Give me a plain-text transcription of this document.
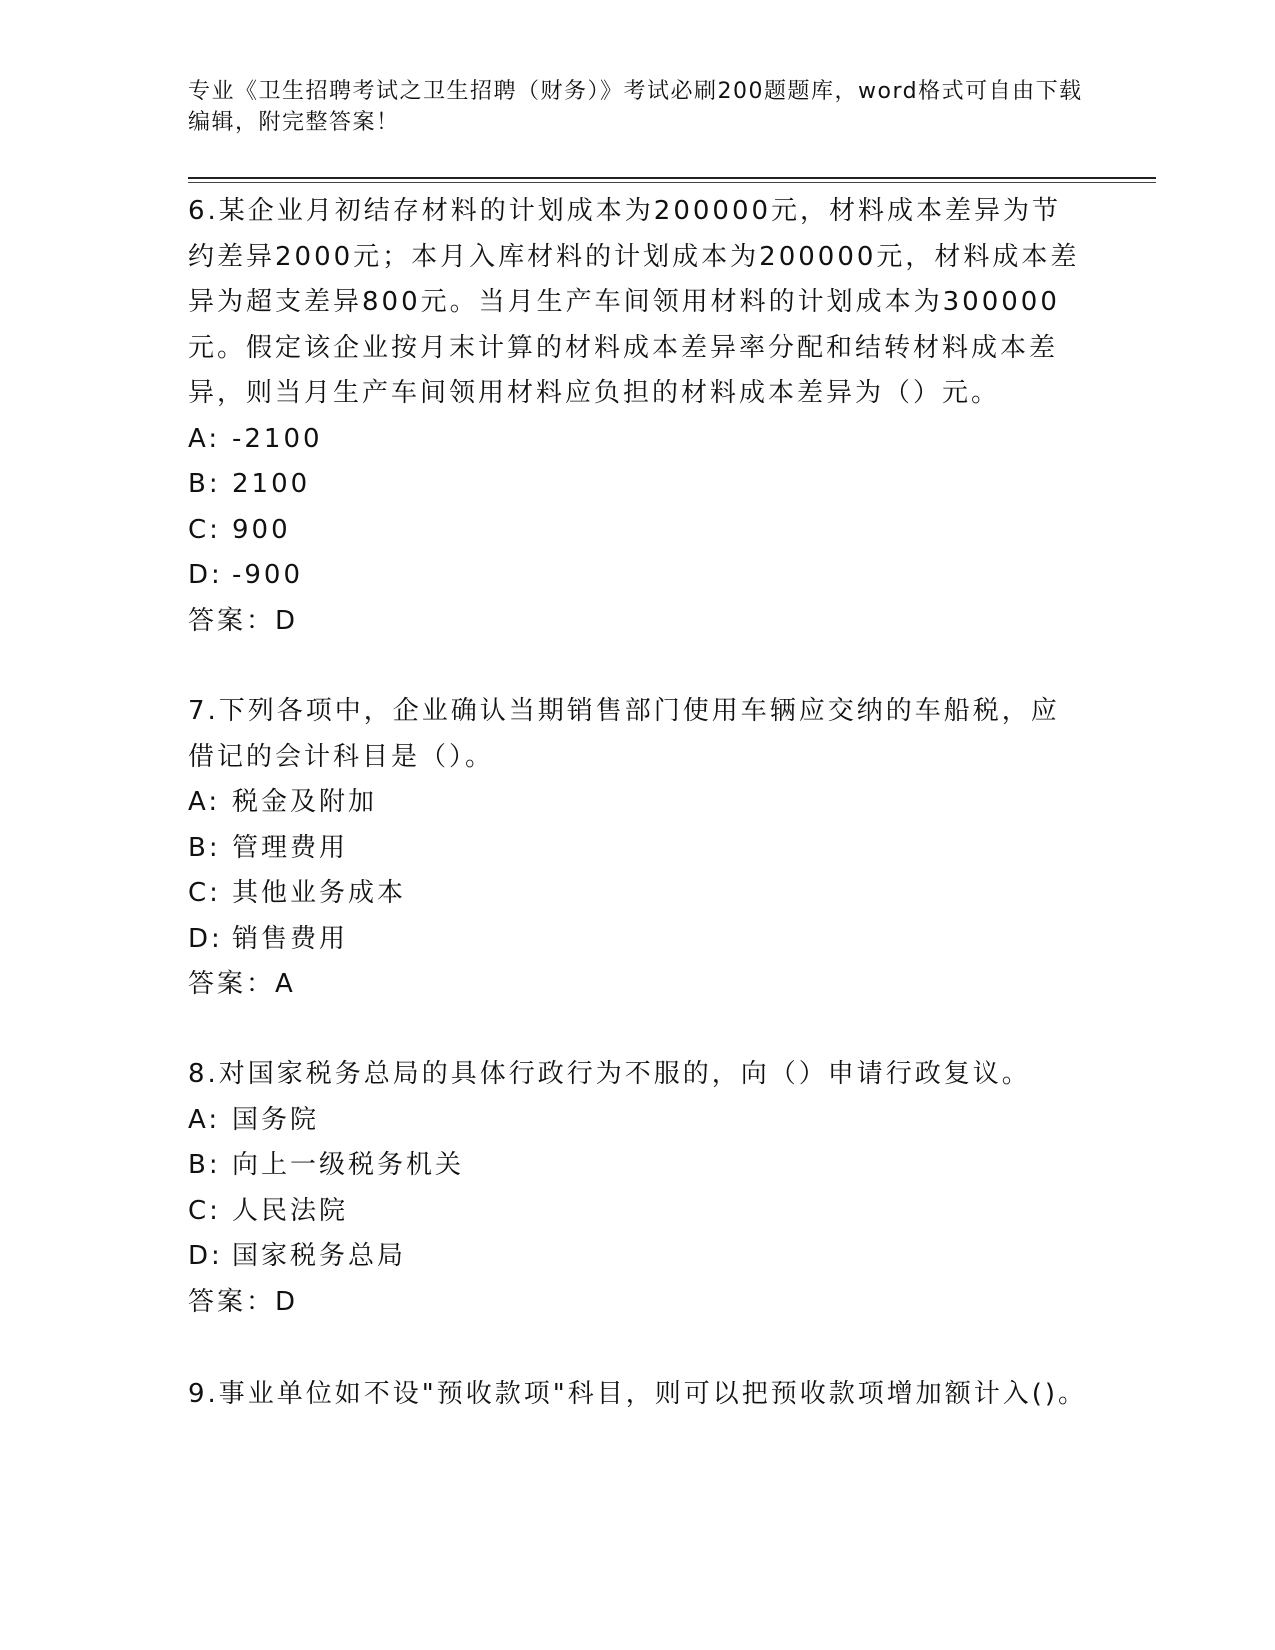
专业《卫生招聘考试之卫生招聘（财务）》考试必刷200题题库，word格式可自由下载编辑，附完整答案！
6.某企业月初结存材料的计划成本为200000元，材料成本差异为节约差异2000元；本月入库材料的计划成本为200000元，材料成本差异为超支差异800元。当月生产车间领用材料的计划成本为300000元。假定该企业按月末计算的材料成本差异率分配和结转材料成本差异，则当月生产车间领用材料应负担的材料成本差异为（）元。
A: -2100
B: 2100
C: 900
D: -900
答案：D
7.下列各项中，企业确认当期销售部门使用车辆应交纳的车船税，应借记的会计科目是（）。
A: 税金及附加
B: 管理费用
C: 其他业务成本
D: 销售费用
答案：A
8.对国家税务总局的具体行政行为不服的，向（）申请行政复议。
A: 国务院
B: 向上一级税务机关
C: 人民法院
D: 国家税务总局
答案：D
9.事业单位如不设"预收款项"科目，则可以把预收款项增加额计入()。
